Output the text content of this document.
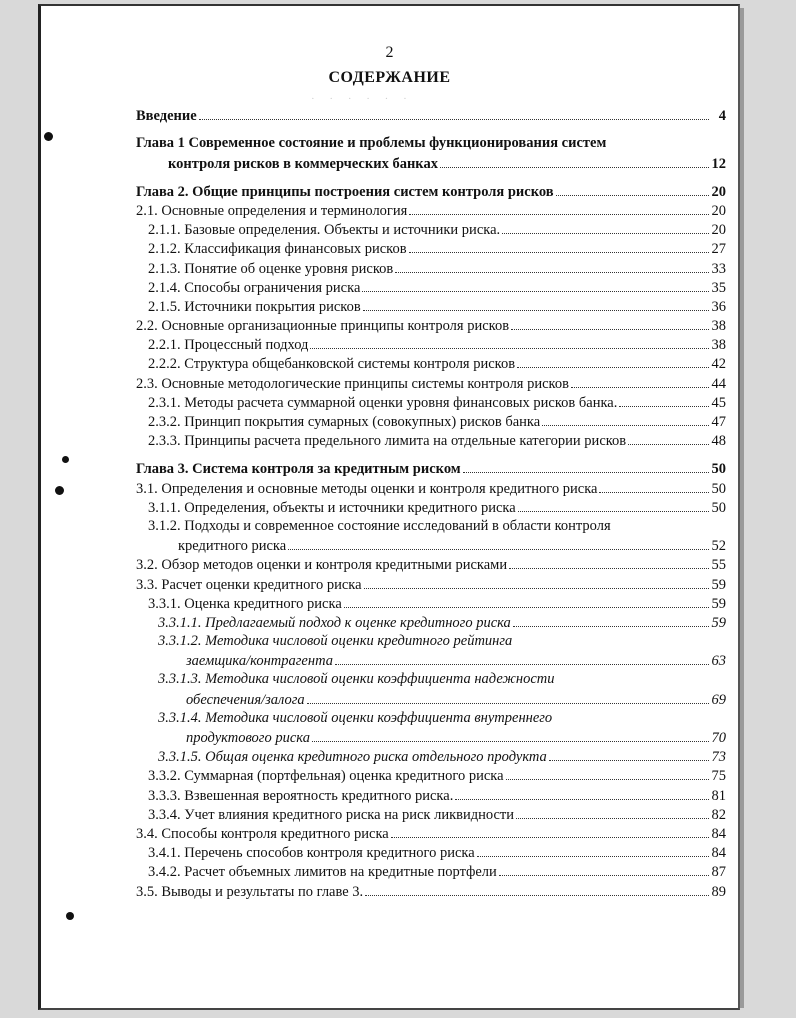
2
СОДЕРЖАНИЕ
· · · · · ·
Введение	4
Глава 1 Современное состояние и проблемы функционирования систем
контроля рисков в коммерческих банках	12
Глава 2. Общие принципы построения систем контроля рисков	20
2.1. Основные определения и терминология	20
2.1.1. Базовые определения. Объекты и источники риска.	20
2.1.2. Классификация финансовых рисков	27
2.1.3. Понятие об оценке уровня рисков	33
2.1.4. Способы ограничения риска	35
2.1.5. Источники покрытия рисков	36
2.2. Основные организационные принципы контроля рисков	38
2.2.1. Процессный подход	38
2.2.2. Структура общебанковской системы контроля рисков	42
2.3. Основные методологические принципы системы контроля рисков	44
2.3.1. Методы расчета суммарной оценки уровня финансовых рисков банка.	45
2.3.2. Принцип покрытия сумарных (совокупных) рисков банка	47
2.3.3. Принципы расчета предельного лимита на отдельные категории рисков	48
Глава 3. Система контроля за кредитным риском	50
3.1. Определения и основные методы оценки и контроля кредитного риска	50
3.1.1. Определения, объекты и источники кредитного риска	50
3.1.2. Подходы и современное состояние исследований в области контроля
кредитного риска	52
3.2. Обзор методов оценки и контроля кредитными рисками	55
3.3. Расчет оценки кредитного риска	59
3.3.1. Оценка кредитного риска	59
3.3.1.1. Предлагаемый подход к оценке кредитного риска	59
3.3.1.2. Методика числовой оценки кредитного рейтинга
заемщика/контрагента	63
3.3.1.3. Методика числовой оценки коэффициента надежности
обеспечения/залога	69
3.3.1.4. Методика числовой оценки коэффициента внутреннего
продуктового риска	70
3.3.1.5. Общая оценка кредитного риска отдельного продукта	73
3.3.2. Суммарная (портфельная) оценка кредитного риска	75
3.3.3. Взвешенная вероятность кредитного риска.	81
3.3.4. Учет влияния кредитного риска на риск ликвидности	82
3.4. Способы контроля кредитного риска	84
3.4.1. Перечень способов контроля кредитного риска	84
3.4.2. Расчет объемных лимитов на кредитные портфели	87
3.5. Выводы и результаты по главе 3.	89
